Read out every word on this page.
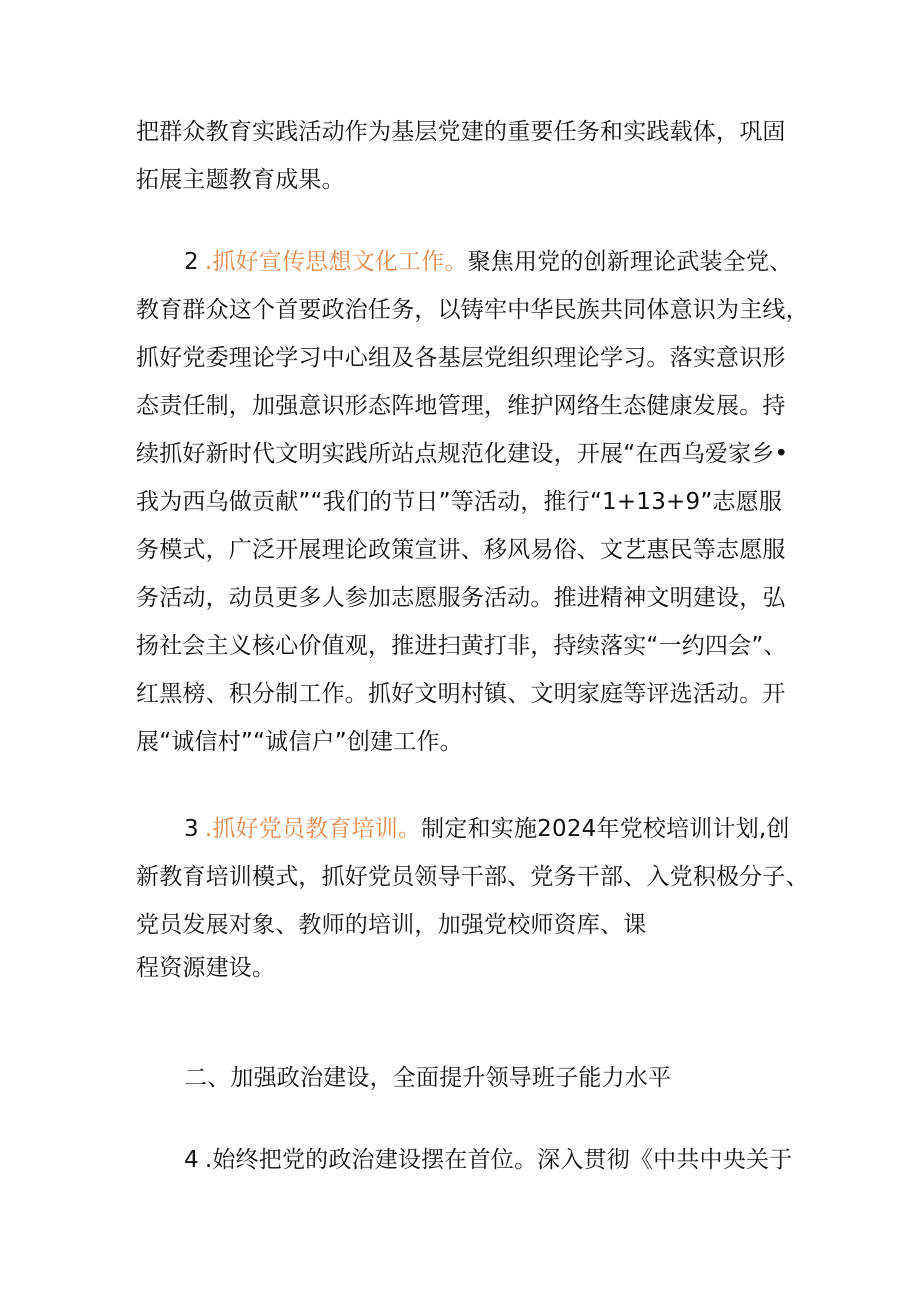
把群众教育实践活动作为基层党建的重要任务和实践载体，巩固
拓展主题教育成果。
2 .抓好宣传思想文化工作。聚焦用党的创新理论武装全党、
教育群众这个首要政治任务，以铸牢中华民族共同体意识为主线，
抓好党委理论学习中心组及各基层党组织理论学习。落实意识形
态责任制，加强意识形态阵地管理，维护网络生态健康发展。持
续抓好新时代文明实践所站点规范化建设，开展“在西乌爱家乡•
我为西乌做贡献”“我们的节日”等活动，推行“1+13+9”志愿服
务模式，广泛开展理论政策宣讲、移风易俗、文艺惠民等志愿服
务活动，动员更多人参加志愿服务活动。推进精神文明建设，弘
扬社会主义核心价值观，推进扫黄打非，持续落实“一约四会”、
红黑榜、积分制工作。抓好文明村镇、文明家庭等评选活动。开
展“诚信村”“诚信户”创建工作。
3 .抓好党员教育培训。制定和实施2024年党校培训计划,创
新教育培训模式，抓好党员领导干部、党务干部、入党积极分子、
党员发展对象、教师的培训，加强党校师资库、课
程资源建设。
二、加强政治建设，全面提升领导班子能力水平
4 .始终把党的政治建设摆在首位。深入贯彻《中共中央关于
